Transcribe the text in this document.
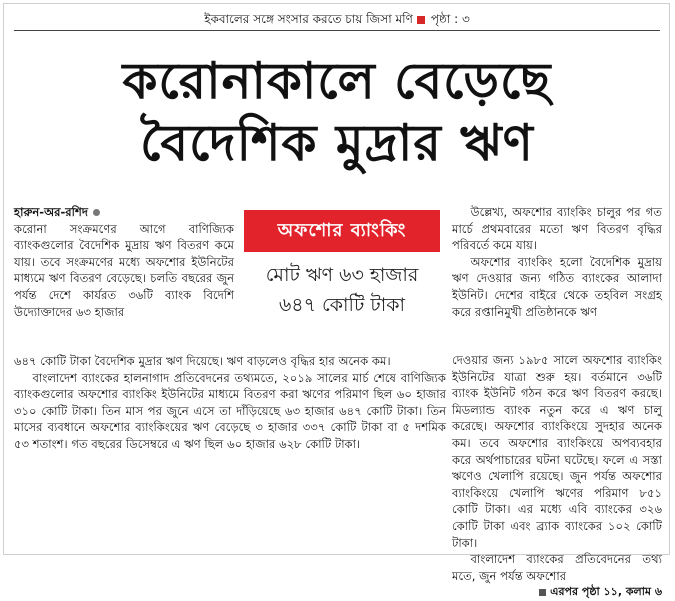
ইকবালের সঙ্গে সংসার করতে চায় জিসা মণি পৃষ্ঠা : ৩
করোনাকালে বেড়েছে
বৈদেশিক মুদ্রার ঋণ

হারুন-অর-রশিদ

করোনা সংক্রমণের আগে বাণিজ্যিক ব্যাংকগুলোর বৈদেশিক মুদ্রায় ঋণ বিতরণ কমে যায়। তবে সংক্রমণের মধ্যে অফশোর ইউনিটের মাধ্যমে ঋণ বিতরণ বেড়েছে। চলতি বছরের জুন পর্যন্ত দেশে কার্যরত ৩৬টি ব্যাংক বিদেশি উদ্যোক্তাদের ৬৩ হাজার

অফশোর ব্যাংকিং
মোট ঋণ ৬৩ হাজার
৬৪৭ কোটি টাকা

৬৪৭ কোটি টাকা বৈদেশিক মুদ্রার ঋণ দিয়েছে। ঋণ বাড়লেও বৃদ্ধির হার অনেক কম।

বাংলাদেশ ব্যাংকের হালনাগাদ প্রতিবেদনের তথ্যমতে, ২০১৯ সালের মার্চ শেষে বাণিজ্যিক ব্যাংকগুলোর অফশোর ব্যাংকিং ইউনিটের মাধ্যমে বিতরণ করা ঋণের পরিমাণ ছিল ৬০ হাজার ৩১০ কোটি টাকা। তিন মাস পর জুনে এসে তা দাঁড়িয়েছে ৬৩ হাজার ৬৪৭ কোটি টাকা। তিন মাসের ব্যবধানে অফশোর ব্যাংকিংয়ের ঋণ বেড়েছে ৩ হাজার ৩৩৭ কোটি টাকা বা ৫ দশমিক ৫৩ শতাংশ। গত বছরের ডিসেম্বরে এ ঋণ ছিল ৬০ হাজার ৬২৮ কোটি টাকা।

উল্লেখ্য, অফশোর ব্যাংকিং চালুর পর গত মার্চে প্রথমবারের মতো ঋণ বিতরণ বৃদ্ধির পরিবর্তে কমে যায়।

অফশোর ব্যাংকিং হলো বৈদেশিক মুদ্রায় ঋণ দেওয়ার জন্য গঠিত ব্যাংকের আলাদা ইউনিট। দেশের বাইরে থেকে তহবিল সংগ্রহ করে রপ্তানিমুখী প্রতিষ্ঠানকে ঋণ

দেওয়ার জন্য ১৯৮৫ সালে অফশোর ব্যাংকিং ইউনিটের যাত্রা শুরু হয়। বর্তমানে ৩৬টি ব্যাংক ইউনিট গঠন করে ঋণ বিতরণ করছে। মিডল্যান্ড ব্যাংক নতুন করে এ ঋণ চালু করেছে। অফশোর ব্যাংকিংয়ে সুদহার অনেক কম। তবে অফশোর ব্যাংকিংয়ে অপব্যবহার করে অর্থপাচারের ঘটনা ঘটেছে। ফলে এ সস্তা ঋণেও খেলাপি রয়েছে। জুন পর্যন্ত অফশোর ব্যাংকিংয়ে খেলাপি ঋণের পরিমাণ ৮৫১ কোটি টাকা। এর মধ্যে এবি ব্যাংকের ৩২৬ কোটি টাকা এবং ব্র্যাক ব্যাংকের ১০২ কোটি টাকা।

বাংলাদেশ ব্যাংকের প্রতিবেদনের তথ্য মতে, জুন পর্যন্ত অফশোর

এরপর পৃষ্ঠা ১১, কলাম ৬
